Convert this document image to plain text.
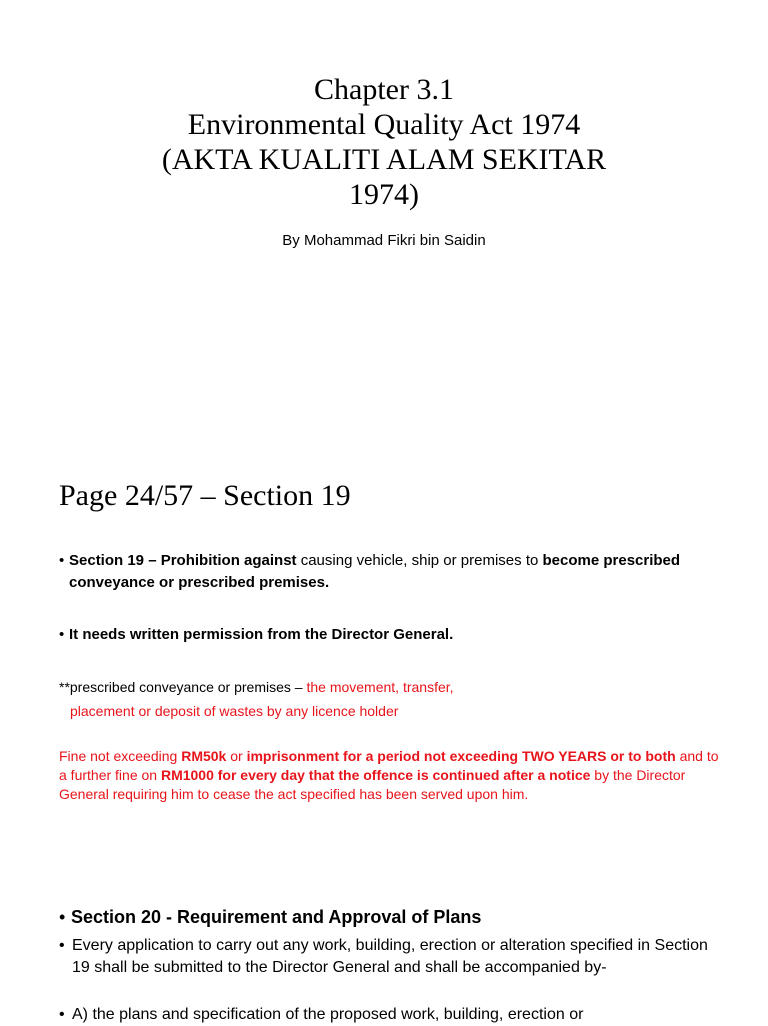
Chapter 3.1
Environmental Quality Act 1974
(AKTA KUALITI ALAM SEKITAR
1974)
By Mohammad Fikri bin Saidin
Page 24/57 – Section 19
• Section 19 – Prohibition against causing vehicle, ship or premises to become prescribed conveyance or prescribed premises.
• It needs written permission from the Director General.
**prescribed conveyance or premises – the movement, transfer,
placement or deposit of wastes by any licence holder
Fine not exceeding RM50k or imprisonment for a period not exceeding TWO YEARS or to both and to a further fine on RM1000 for every day that the offence is continued after a notice by the Director General requiring him to cease the act specified has been served upon him.
• Section 20 - Requirement and Approval of Plans
• Every application to carry out any work, building, erection or alteration specified in Section 19 shall be submitted to the Director General and shall be accompanied by-
• A) the plans and specification of the proposed work, building, erection or
